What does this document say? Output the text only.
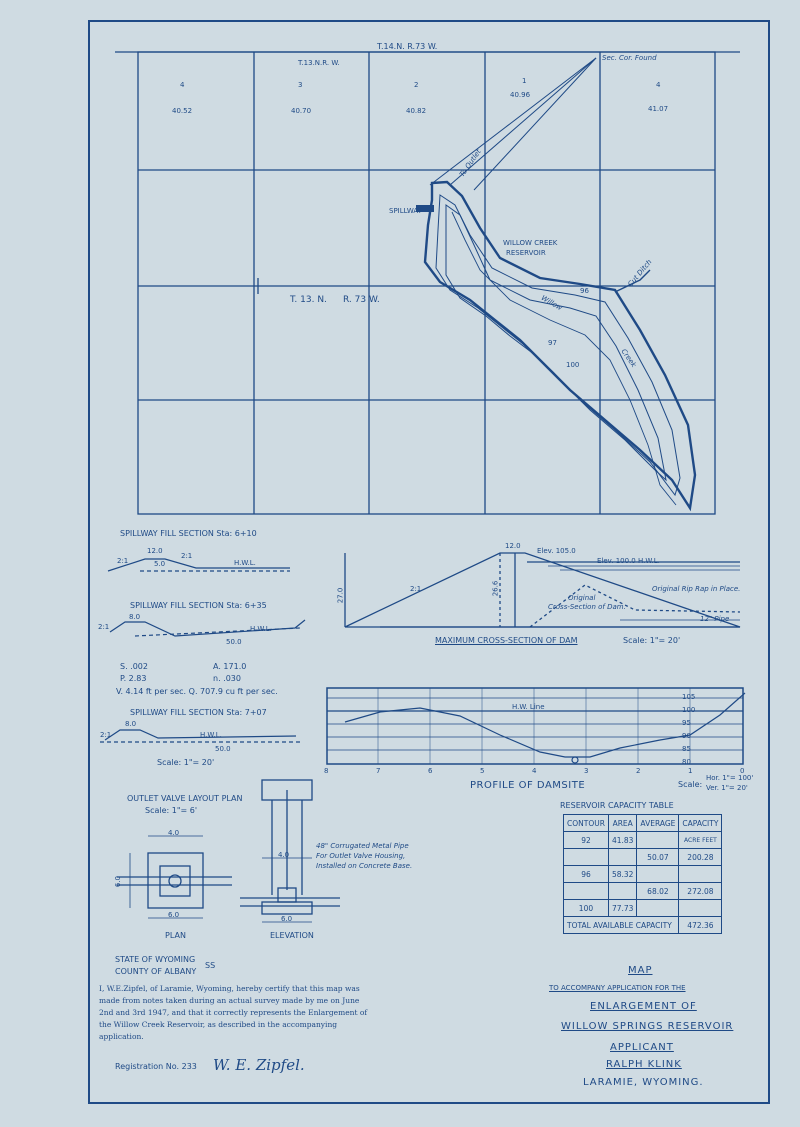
T.14.N. R.73 W.
T.13.N.R. W.
Sec. Cor. Found
4
40.52
3
40.70
2
40.82
1
40.96
4
41.07
T. 13. N. R. 73 W.
WILLOW CREEK
RESERVOIR
SPILLWAY
Willow
Creek
96
97
100
To Outlet
Cut Ditch
SPILLWAY FILL SECTION Sta: 6+10
12.0
2:1
2:1
5.0	H.W.L.
SPILLWAY FILL SECTION Sta: 6+35
8.0
2:1
50.0
H.W.L.
S. .002	A. 171.0
P. 2.83	n. .030
V. 4.14 ft per sec. Q. 707.9 cu ft per sec.
SPILLWAY FILL SECTION Sta: 7+07
8.0
H.W.L.
50.0
2:1
Scale: 1"= 20'
12.0
Elev. 105.0
Elev. 100.0 H.W.L.
27.0	26.6
2:1	Original Rip Rap in Place.
Original
Cross-Section of Dam.
12" Pipe
MAXIMUM CROSS-SECTION OF DAM	Scale: 1"= 20'
H.W. Line
105
100
95
90
85
80
8	7	6	5	4	3	2	1	0
PROFILE OF DAMSITE	Scale:
Hor. 1"= 100'
Ver. 1"= 20'
OUTLET VALVE LAYOUT PLAN
Scale: 1"= 6'
4.0
6.0
6.0
PLAN
4.0
6.0
ELEVATION
48" Corrugated Metal Pipe
For Outlet Valve Housing,
Installed on Concrete Base.
RESERVOIR CAPACITY TABLE
CONTOUR	AREA	AVERAGE	CAPACITY
92	41.83		ACRE FEET
		50.07	200.28
96	58.32		
		68.02	272.08
100	77.73		
TOTAL AVAILABLE CAPACITY			472.36
STATE OF WYOMING
COUNTY OF ALBANY
SS
I, W.E.Zipfel, of Laramie, Wyoming, hereby certify that this map was made from notes taken during an actual survey made by me on June 2nd and 3rd 1947, and that it correctly represents the Enlargement of the Willow Creek Reservoir, as described in the accompanying application.
Registration No. 233 W. E. Zipfel.
MAP
TO ACCOMPANY APPLICATION FOR THE
ENLARGEMENT OF
WILLOW SPRINGS RESERVOIR
APPLICANT
RALPH KLINK
LARAMIE, WYOMING.
